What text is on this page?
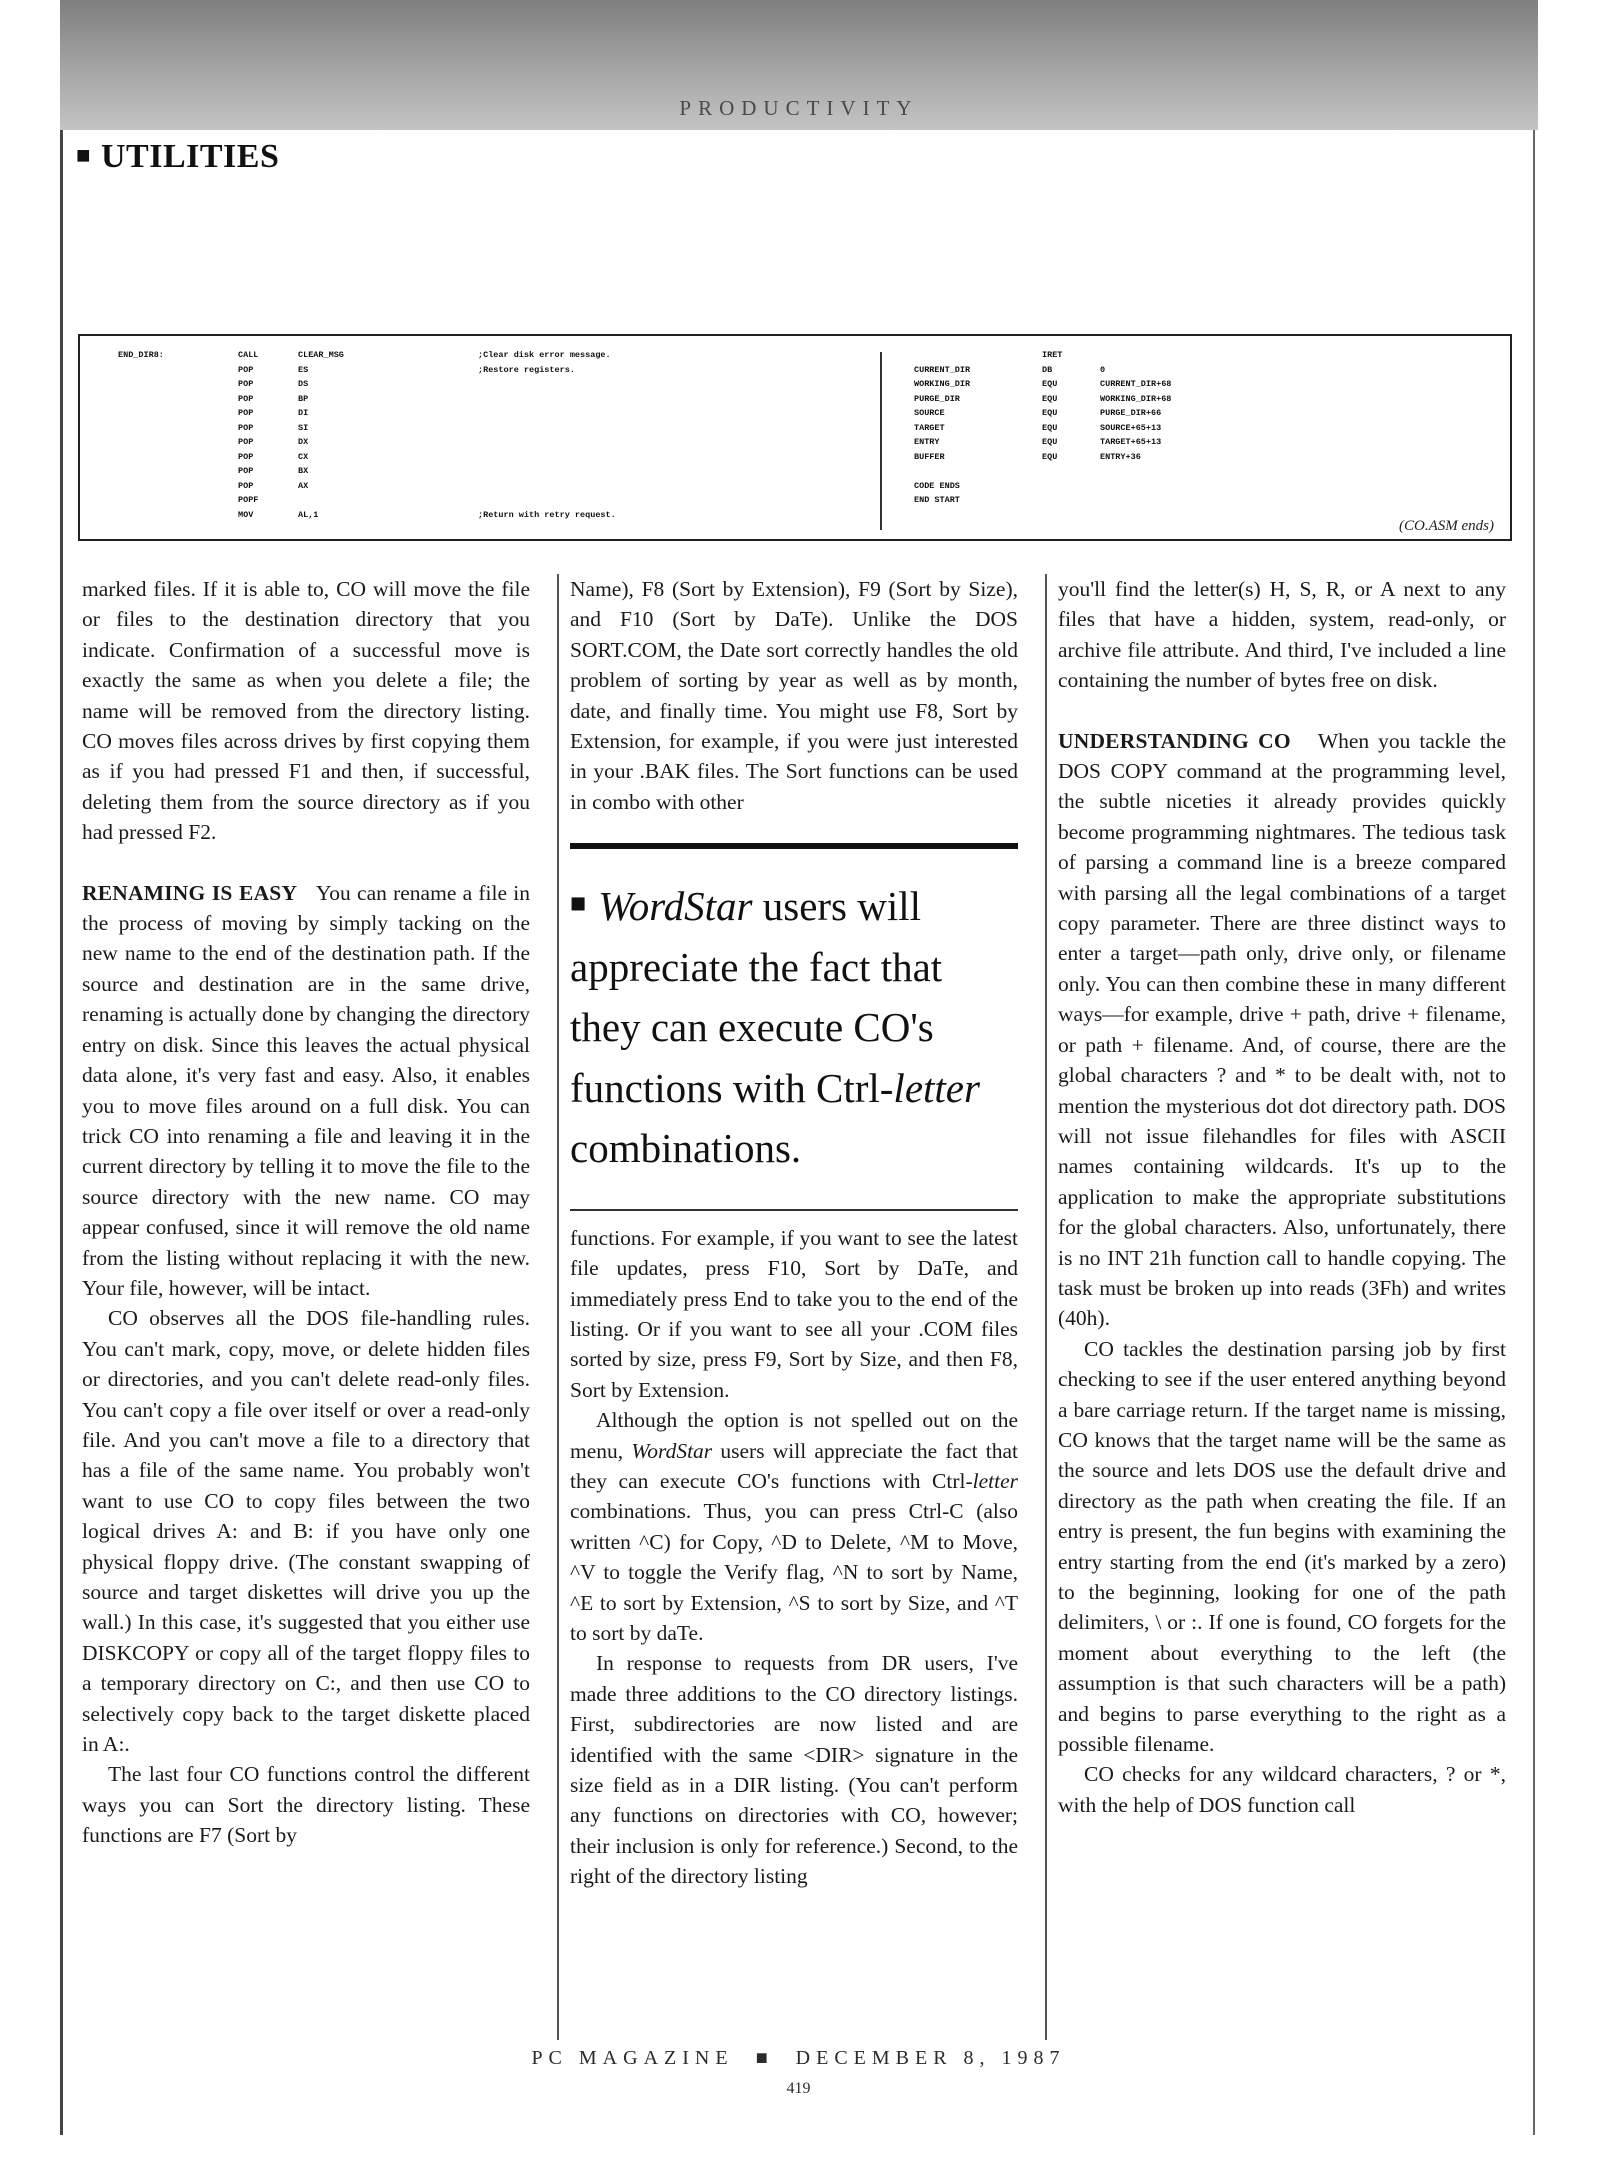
PRODUCTIVITY
■ UTILITIES
END_DIR8:	CALL	CLEAR_MSG	;Clear disk error message.
POP	ES	;Restore registers.
POP	DS
POP	BP
POP	DI
POP	SI
POP	DX
POP	CX
POP	BX
POP	AX
POPF
MOV	AL,1	;Return with retry request.
IRET
CURRENT_DIR	DB	0
WORKING_DIR	EQU	CURRENT_DIR+68
PURGE_DIR	EQU	WORKING_DIR+68
SOURCE	EQU	PURGE_DIR+66
TARGET	EQU	SOURCE+65+13
ENTRY	EQU	TARGET+65+13
BUFFER	EQU	ENTRY+36
CODE ENDS
END START
(CO.ASM ends)

marked files. If it is able to, CO will move the file or files to the destination directory that you indicate. Confirmation of a successful move is exactly the same as when you delete a file; the name will be removed from the directory listing. CO moves files across drives by first copying them as if you had pressed F1 and then, if successful, deleting them from the source directory as if you had pressed F2.

RENAMING IS EASY You can rename a file in the process of moving by simply tacking on the new name to the end of the destination path. If the source and destination are in the same drive, renaming is actually done by changing the directory entry on disk. Since this leaves the actual physical data alone, it's very fast and easy. Also, it enables you to move files around on a full disk. You can trick CO into renaming a file and leaving it in the current directory by telling it to move the file to the source directory with the new name. CO may appear confused, since it will remove the old name from the listing without replacing it with the new. Your file, however, will be intact.

CO observes all the DOS file-handling rules. You can't mark, copy, move, or delete hidden files or directories, and you can't delete read-only files. You can't copy a file over itself or over a read-only file. And you can't move a file to a directory that has a file of the same name. You probably won't want to use CO to copy files between the two logical drives A: and B: if you have only one physical floppy drive. (The constant swapping of source and target diskettes will drive you up the wall.) In this case, it's suggested that you either use DISKCOPY or copy all of the target floppy files to a temporary directory on C:, and then use CO to selectively copy back to the target diskette placed in A:.

The last four CO functions control the different ways you can Sort the directory listing. These functions are F7 (Sort by

Name), F8 (Sort by Extension), F9 (Sort by Size), and F10 (Sort by DaTe). Unlike the DOS SORT.COM, the Date sort correctly handles the old problem of sorting by year as well as by month, date, and finally time. You might use F8, Sort by Extension, for example, if you were just interested in your .BAK files. The Sort functions can be used in combo with other

■ WordStar users will appreciate the fact that they can execute CO's functions with Ctrl-letter combinations.

functions. For example, if you want to see the latest file updates, press F10, Sort by DaTe, and immediately press End to take you to the end of the listing. Or if you want to see all your .COM files sorted by size, press F9, Sort by Size, and then F8, Sort by Extension.

Although the option is not spelled out on the menu, WordStar users will appreciate the fact that they can execute CO's functions with Ctrl-letter combinations. Thus, you can press Ctrl-C (also written ^C) for Copy, ^D to Delete, ^M to Move, ^V to toggle the Verify flag, ^N to sort by Name, ^E to sort by Extension, ^S to sort by Size, and ^T to sort by daTe.

In response to requests from DR users, I've made three additions to the CO directory listings. First, subdirectories are now listed and are identified with the same <DIR> signature in the size field as in a DIR listing. (You can't perform any functions on directories with CO, however; their inclusion is only for reference.) Second, to the right of the directory listing

you'll find the letter(s) H, S, R, or A next to any files that have a hidden, system, read-only, or archive file attribute. And third, I've included a line containing the number of bytes free on disk.

UNDERSTANDING CO When you tackle the DOS COPY command at the programming level, the subtle niceties it already provides quickly become programming nightmares. The tedious task of parsing a command line is a breeze compared with parsing all the legal combinations of a target copy parameter. There are three distinct ways to enter a target—path only, drive only, or filename only. You can then combine these in many different ways—for example, drive + path, drive + filename, or path + filename. And, of course, there are the global characters ? and * to be dealt with, not to mention the mysterious dot dot directory path. DOS will not issue filehandles for files with ASCII names containing wildcards. It's up to the application to make the appropriate substitutions for the global characters. Also, unfortunately, there is no INT 21h function call to handle copying. The task must be broken up into reads (3Fh) and writes (40h).

CO tackles the destination parsing job by first checking to see if the user entered anything beyond a bare carriage return. If the target name is missing, CO knows that the target name will be the same as the source and lets DOS use the default drive and directory as the path when creating the file. If an entry is present, the fun begins with examining the entry starting from the end (it's marked by a zero) to the beginning, looking for one of the path delimiters, \ or :. If one is found, CO forgets for the moment about everything to the left (the assumption is that such characters will be a path) and begins to parse everything to the right as a possible filename.

CO checks for any wildcard characters, ? or *, with the help of DOS function call

PC MAGAZINE ■ DECEMBER 8, 1987
419
